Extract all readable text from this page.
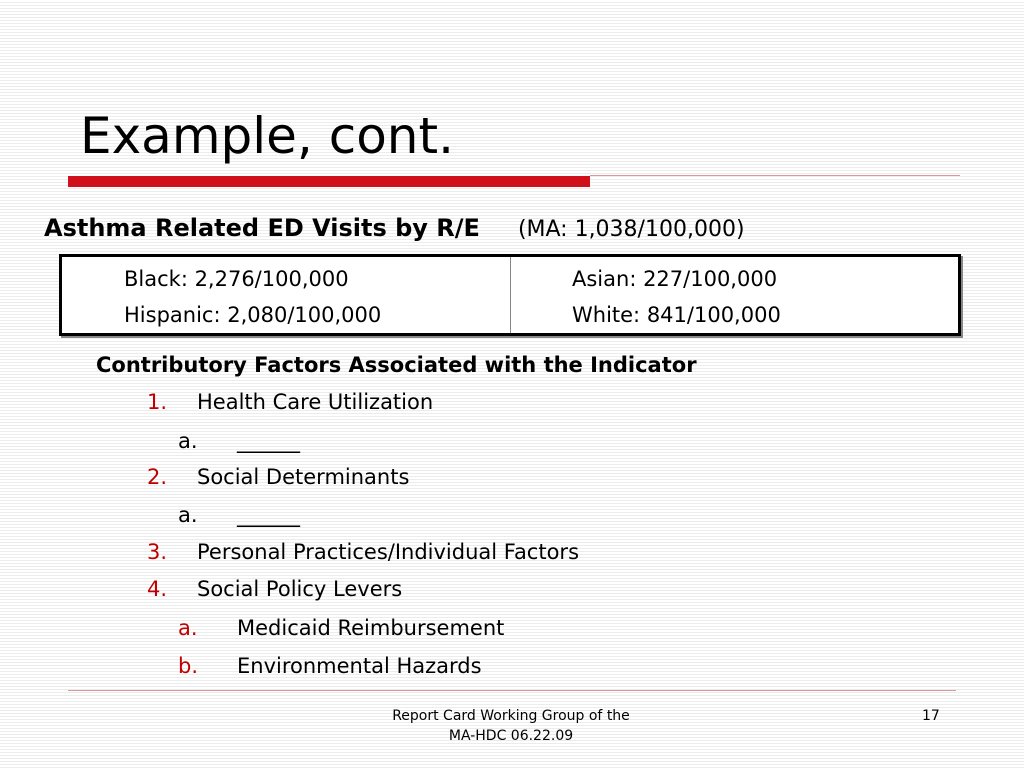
Example, cont.
Asthma Related ED Visits by R/E (MA: 1,038/100,000)
Black: 2,276/100,000
Hispanic: 2,080/100,000
Asian: 227/100,000
White: 841/100,000
Contributory Factors Associated with the Indicator
1. Health Care Utilization
a. ______
2. Social Determinants
a. ______
3. Personal Practices/Individual Factors
4. Social Policy Levers
a. Medicaid Reimbursement
b. Environmental Hazards
Report Card Working Group of the
MA-HDC 06.22.09
17
